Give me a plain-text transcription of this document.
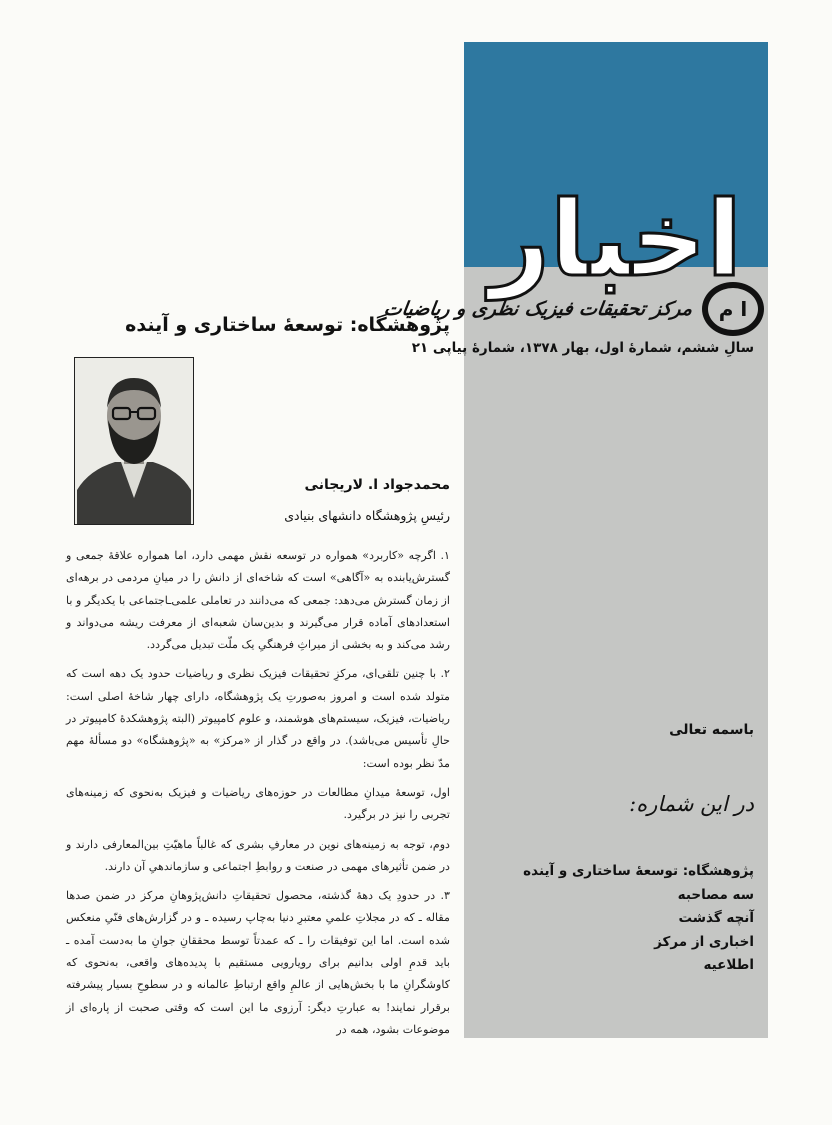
اخبار
ا م
مرکز تحقیقات فیزیک نظری و ریاضیات
سالِ ششم، شمارهٔ اول، بهار ۱۳۷۸، شمارهٔ پیاپی ۲۱
باسمه تعالی
در این شماره:
پژوهشگاه: توسعهٔ ساختاری و آینده
سه مصاحبه
آنچه گذشت
اخباری از مرکز
اطلاعیه
پژوهشگاه: توسعهٔ ساختاری و آینده
محمدجواد ا. لاریجانی
رئیسِ پژوهشگاه دانشهای بنیادی

۱. اگرچه «کاربرد» همواره در توسعه نقش مهمی دارد، اما همواره علاقهٔ جمعی و گسترش‌یابنده به «آگاهی» است که شاخه‌ای از دانش را در میانِ مردمی در برهه‌ای از زمان گسترش می‌دهد: جمعی که می‌دانند در تعاملی علمی‌ـاجتماعی با یکدیگر و با استعدادهای آماده قرار می‌گیرند و بدین‌سان شعبه‌ای از معرفت ریشه می‌دواند و رشد می‌کند و به بخشی از میراثِ فرهنگیِ یک ملّت تبدیل می‌گردد.

۲. با چنین تلقی‌ای، مرکزِ تحقیقات فیزیک نظری و ریاضیات حدود یک دهه است که متولد شده است و امروز به‌صورتِ یک پژوهشگاه، دارای چهار شاخهٔ اصلی است: ریاضیات، فیزیک، سیستم‌های هوشمند، و علوم کامپیوتر (البته پژوهشکدهٔ کامپیوتر در حالِ تأسیس می‌باشد). در واقع در گذار از «مرکز» به «پژوهشگاه» دو مسألهٔ مهم مدّ نظر بوده است:

اول، توسعهٔ میدانِ مطالعات در حوزه‌های ریاضیات و فیزیک به‌نحوی که زمینه‌های تجربی را نیز در برگیرد.

دوم، توجه به زمینه‌های نوین در معارفِ بشری که غالباً ماهیّتِ بین‌المعارفی دارند و در ضمن تأثیرهای مهمی در صنعت و روابطِ اجتماعی و سازماندهیِ آن دارند.

۳. در حدودِ یک دههٔ گذشته، محصول تحقیقاتِ دانش‌پژوهانِ مرکز در ضمن صدها مقاله ـ که در مجلاتِ علمیِ معتبرِ دنیا به‌چاپ رسیده ـ و در گزارش‌های فنّیِ منعکس شده است. اما این توفیقات را ـ که عمدتاً توسط محققانِ جوانِ ما به‌دست آمده ـ باید قدمِ اولی بدانیم برای رویارویی مستقیم با پدیده‌های واقعی، به‌نحوی که کاوشگرانِ ما با بخش‌هایی از عالمِ واقع ارتباطِ عالمانه و در سطوحِ بسیار پیشرفته برقرار نمایند! به عبارتِ دیگر: آرزوی ما این است که وقتی صحبت از پاره‌ای از موضوعات بشود، همه در
